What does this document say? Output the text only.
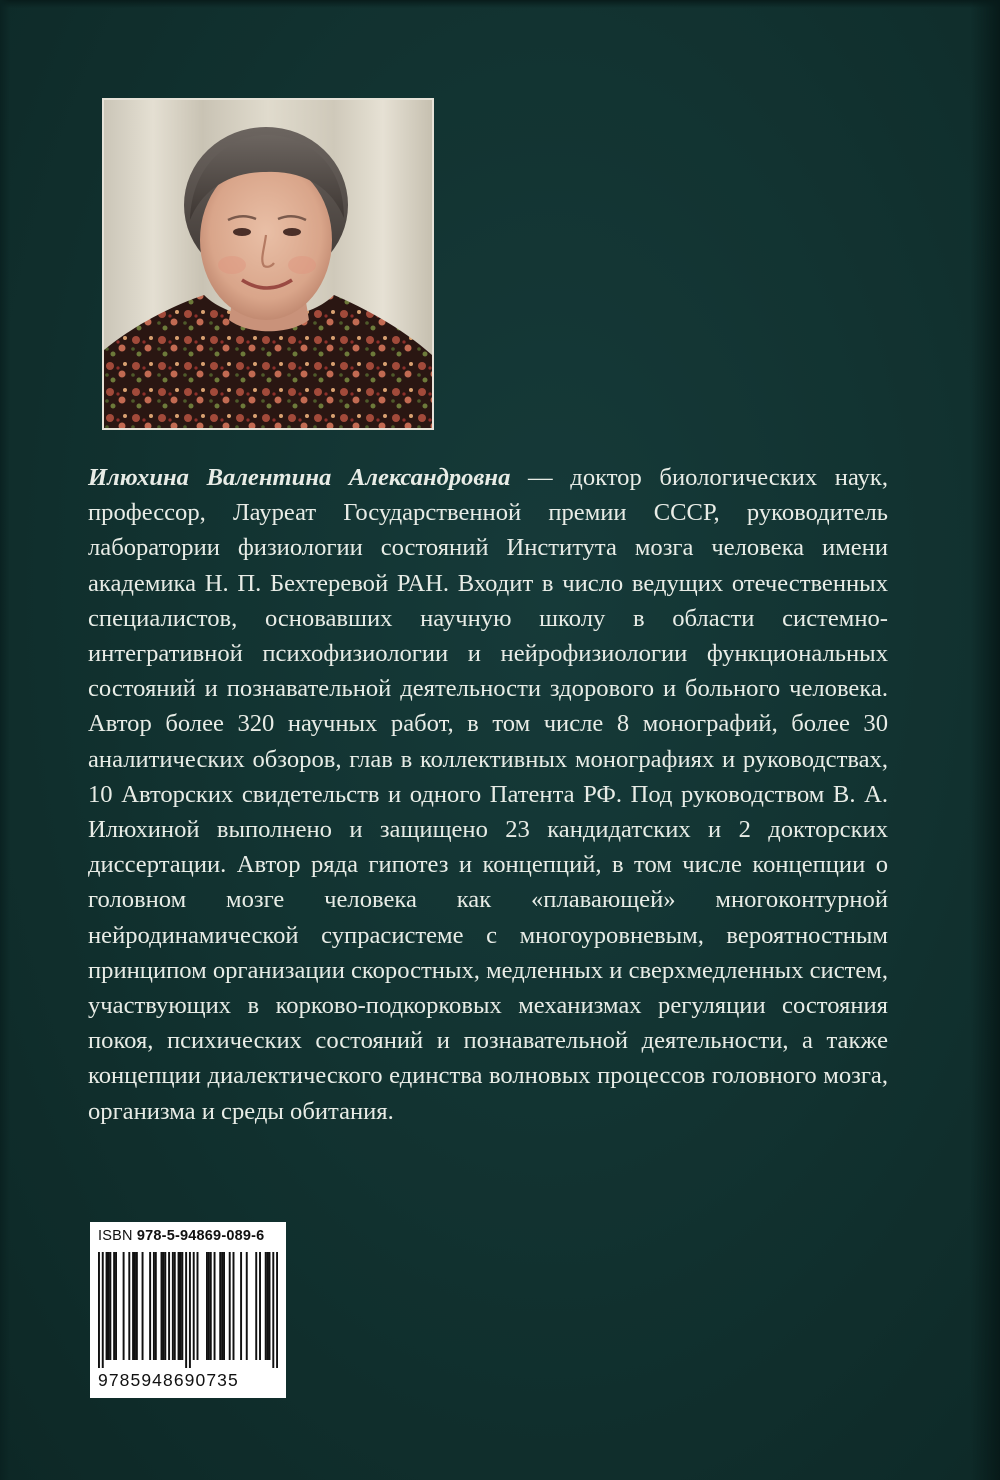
Илюхина Валентина Александровна — доктор биологических наук, профессор, Лауреат Государственной премии СССР, руководитель лаборатории физиологии состояний Института мозга человека имени академика Н. П. Бехтеревой РАН. Входит в число ведущих отечественных специалистов, основавших научную школу в области системно-интегративной психофизиологии и нейрофизиологии функциональных состояний и познавательной деятельности здорового и больного человека. Автор более 320 научных работ, в том числе 8 монографий, более 30 аналитических обзоров, глав в коллективных монографиях и руководствах, 10 Авторских свидетельств и одного Патента РФ. Под руководством В. А. Илюхиной выполнено и защищено 23 кандидатских и 2 докторских диссертации. Автор ряда гипотез и концепций, в том числе концепции о головном мозге человека как «плавающей» многоконтурной нейродинамической супрасистеме с многоуровневым, вероятностным принципом организации скоростных, медленных и сверхмедленных систем, участвующих в корково-подкорковых механизмах регуляции состояния покоя, психических состояний и познавательной деятельности, а также концепции диалектического единства волновых процессов головного мозга, организма и среды обитания.

ISBN 978-5-94869-089-6
9785948690735
